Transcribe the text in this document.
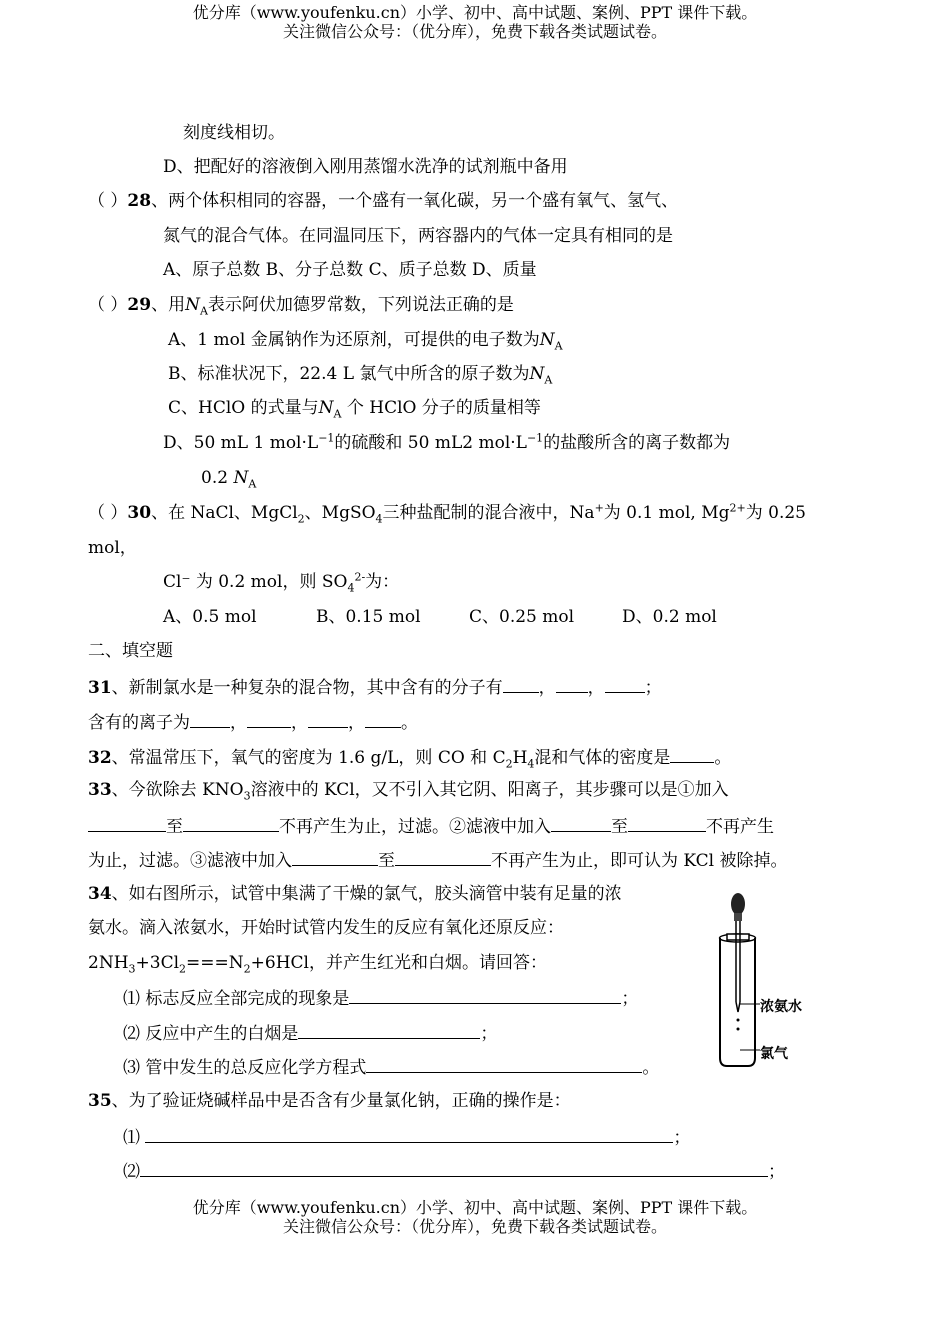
优分库（www.youfenku.cn）小学、初中、高中试题、案例、PPT 课件下载。
关注微信公众号：（优分库），免费下载各类试题试卷。
刻度线相切。
D、把配好的溶液倒入刚用蒸馏水洗净的试剂瓶中备用
（ ）28、两个体积相同的容器，一个盛有一氧化碳，另一个盛有氧气、氢气、
氮气的混合气体。在同温同压下，两容器内的气体一定具有相同的是
A、原子总数 B、分子总数 C、质子总数 D、质量
（ ）29、用$N_A$表示阿伏加德罗常数，下列说法正确的是
A、1 mol 金属钠作为还原剂，可提供的电子数为$N_A$
B、标准状况下，22.4 L 氯气中所含的原子数为$N_A$
C、HClO 的式量与$N_A$ 个 HClO 分子的质量相等
D、50 mL 1 $mol\cdot L^{-1}$的硫酸和 50 mL2 $mol\cdot L^{-1}$的盐酸所含的离子数都为
0.2 $N_A$
（ ）30、在 NaCl、MgCl$_2$、MgSO$_4$三种盐配制的混合液中，Na+为 0.1 mol, $Mg^{2+}$为 0.25
mol，
Cl⁻ 为 0.2 mol，则 $SO_4^{2-}$为：
A、0.5 mol	B、0.15 mol	C、0.25 mol	D、0.2 mol
二、填空题
31、新制氯水是一种复杂的混合物，其中含有的分子有 ， ， ；
含有的离子为 ，	， ， 。
32、常温常压下，氧气的密度为 1.6 g/L，则 CO 和 $C_2H_4$混和气体的密度是	。
33、今欲除去 $KNO_3$溶液中的 KCl，又不引入其它阴、阳离子，其步骤可以是①加入
至	不再产生为止，过滤。②滤液中加入	至	不再产生
为止，过滤。③滤液中加入	至	不再产生为止，即可认为 KCl 被除掉。
34、如右图所示，试管中集满了干燥的氯气，胶头滴管中装有足量的浓
氨水。滴入浓氨水，开始时试管内发生的反应有氧化还原反应：
$2NH_3+3Cl_2===N_2+6HCl$，并产生红光和白烟。请回答：
⑴ 标志反应全部完成的现象是	；
⑵ 反应中产生的白烟是	；
⑶ 管中发生的总反应化学方程式	。
浓氨水
氯气
35、为了验证烧碱样品中是否含有少量氯化钠，正确的操作是：
⑴	；
⑵	；
优分库（www.youfenku.cn）小学、初中、高中试题、案例、PPT 课件下载。
关注微信公众号：（优分库），免费下载各类试题试卷。
